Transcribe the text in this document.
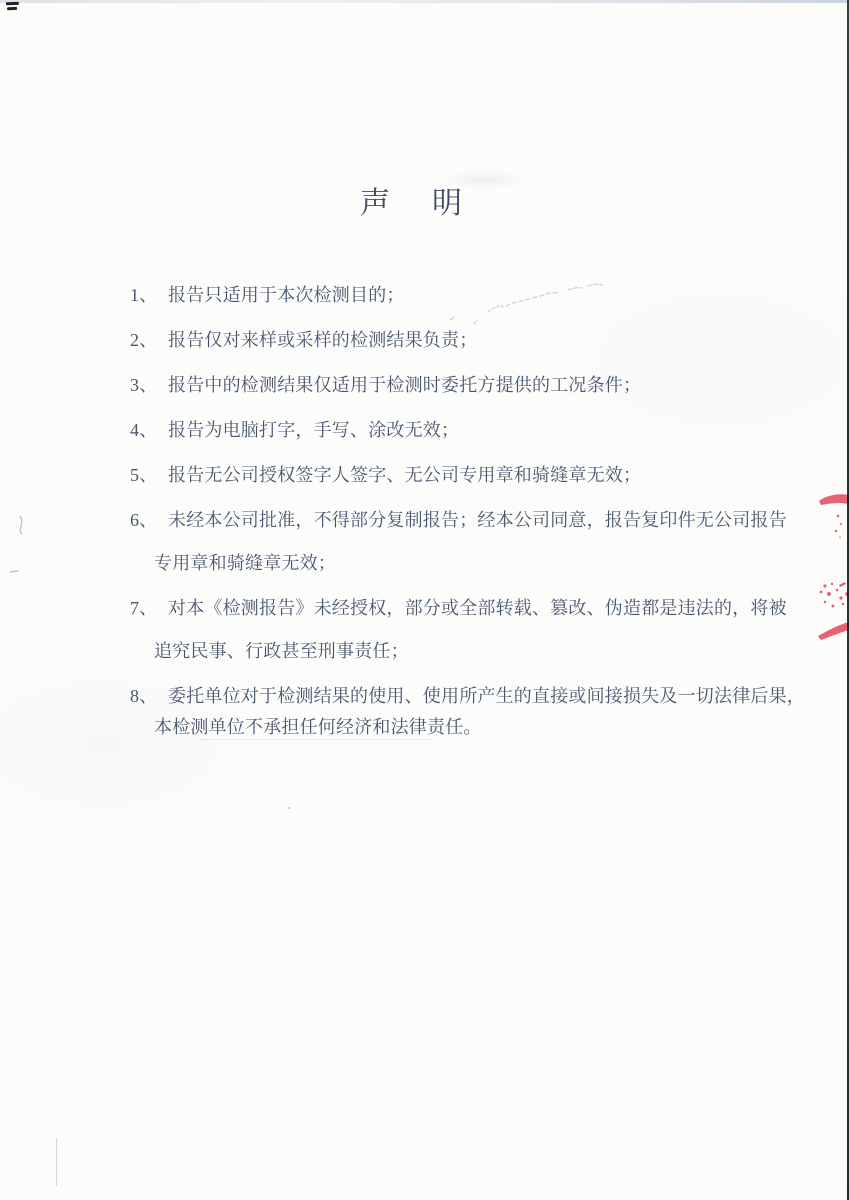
声　明
1、 报告只适用于本次检测目的；
2、 报告仅对来样或采样的检测结果负责；
3、 报告中的检测结果仅适用于检测时委托方提供的工况条件；
4、 报告为电脑打字，手写、涂改无效；
5、 报告无公司授权签字人签字、无公司专用章和骑缝章无效；
6、 未经本公司批准，不得部分复制报告；经本公司同意，报告复印件无公司报告
专用章和骑缝章无效；
7、 对本《检测报告》未经授权，部分或全部转载、篡改、伪造都是违法的，将被
追究民事、行政甚至刑事责任；
8、 委托单位对于检测结果的使用、使用所产生的直接或间接损失及一切法律后果，
本检测单位不承担任何经济和法律责任。
